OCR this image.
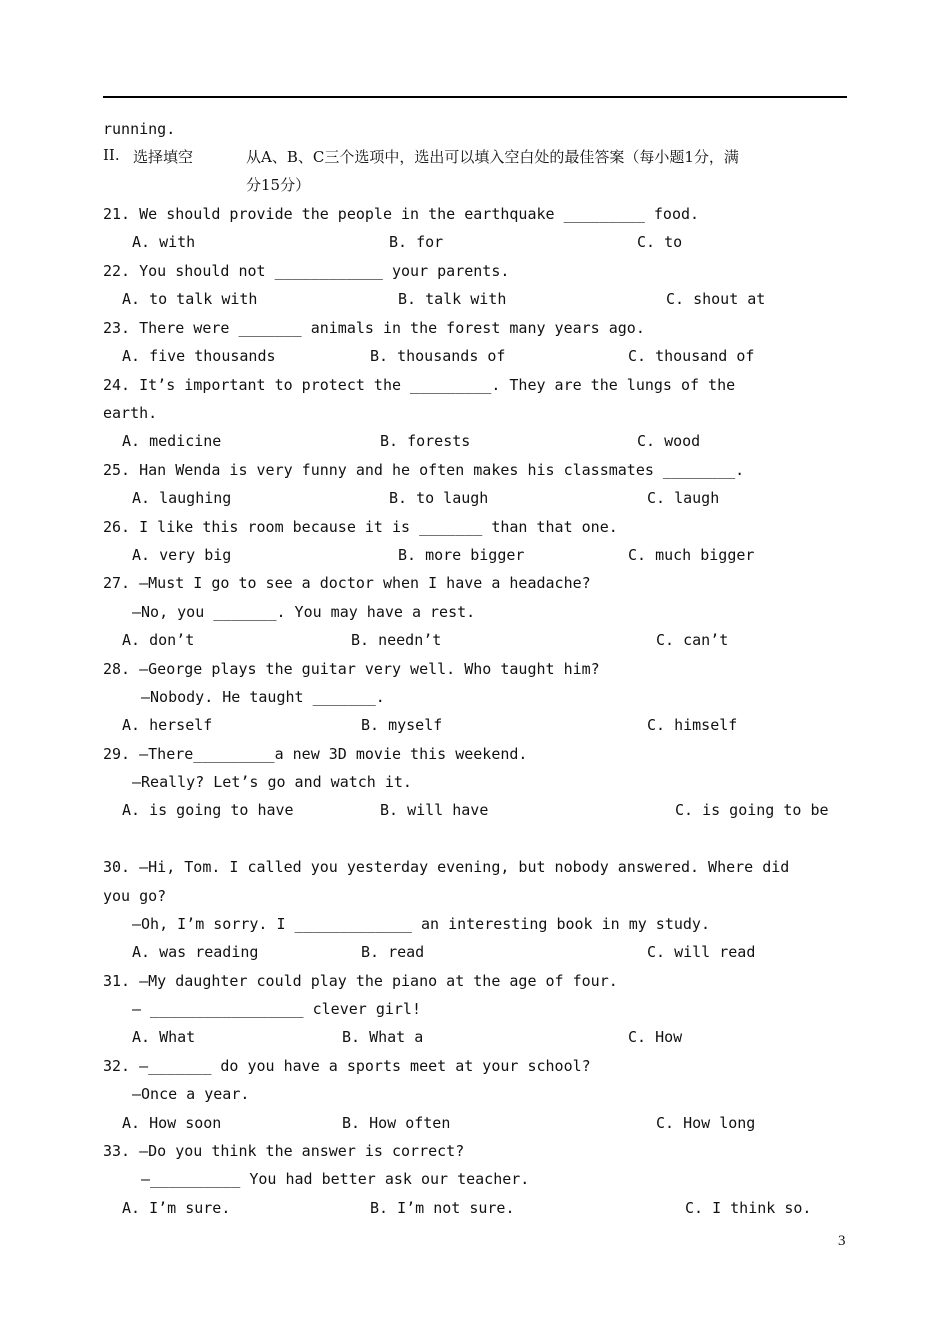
running.
II. 选择填空	从A、B、C三个选项中，选出可以填入空白处的最佳答案（每小题1分，满
分15分）
21. We should provide the people in the earthquake _________ food.
A. with	B. for	C. to
22. You should not ____________ your parents.
A. to talk with	B. talk with	C. shout at
23. There were _______ animals in the forest many years ago.
A. five thousands	B. thousands of	C. thousand of
24. It’s important to protect the _________. They are the lungs of the
earth.
A. medicine	B. forests	C. wood
25. Han Wenda is very funny and he often makes his classmates ________.
A. laughing	B. to laugh	C. laugh
26. I like this room because it is _______ than that one.
A. very big	B. more bigger	C. much bigger
27. —Must I go to see a doctor when I have a headache?
—No, you _______. You may have a rest.
A. don’t	B. needn’t	C. can’t
28. —George plays the guitar very well. Who taught him?
—Nobody. He taught _______.
A. herself	B. myself	C. himself
29. —There_________a new 3D movie this weekend.
—Really? Let’s go and watch it.
A. is going to have	B. will have	C. is going to be
30. —Hi, Tom. I called you yesterday evening, but nobody answered. Where did
you go?
—Oh, I’m sorry. I _____________ an interesting book in my study.
A. was reading	B. read	C. will read
31. —My daughter could play the piano at the age of four.
— _________________ clever girl!
A. What	B. What a	C. How
32. —_______ do you have a sports meet at your school?
—Once a year.
A. How soon	B. How often	C. How long
33. —Do you think the answer is correct?
—__________ You had better ask our teacher.
A. I’m sure.	B. I’m not sure.	C. I think so.
3
